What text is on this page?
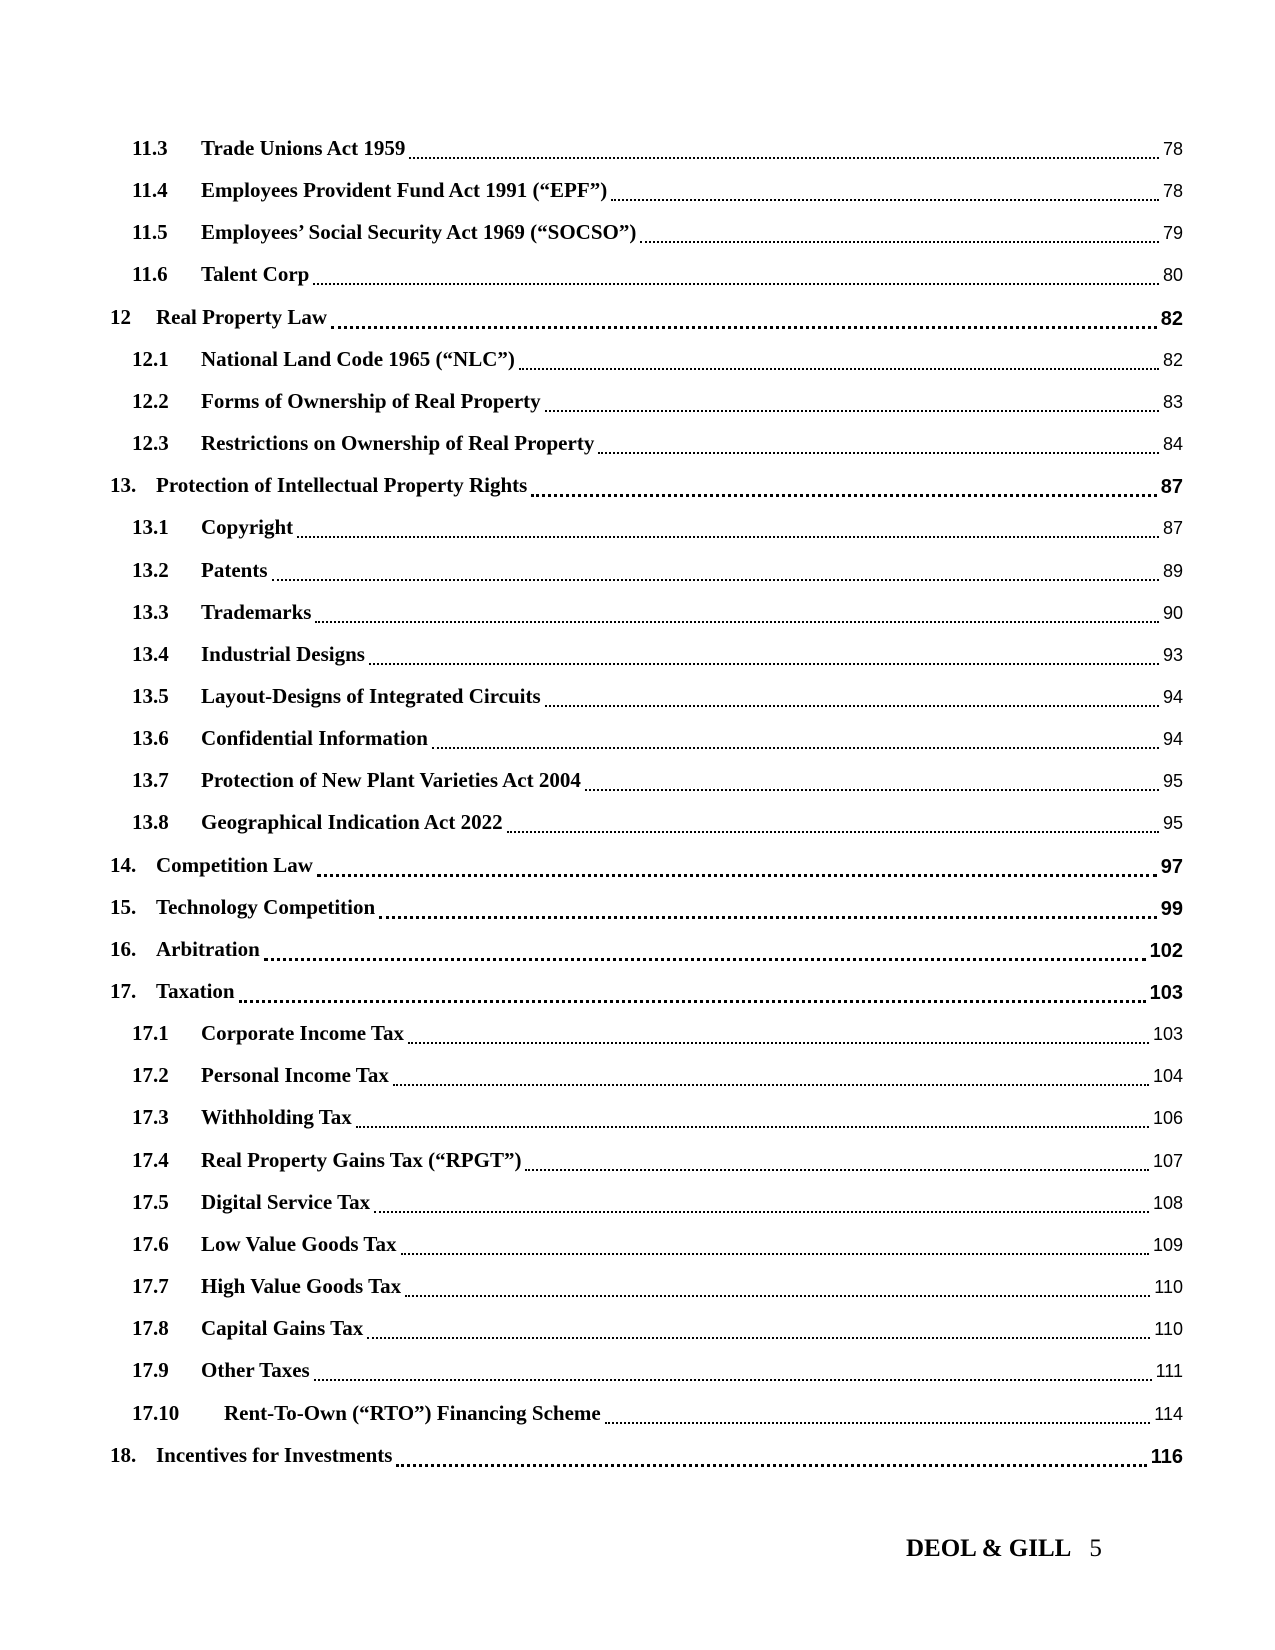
11.3 Trade Unions Act 1959	78
11.4 Employees Provident Fund Act 1991 (“EPF”)	78
11.5 Employees’ Social Security Act 1969 (“SOCSO”)	79
11.6 Talent Corp	80
12 Real Property Law	82
12.1 National Land Code 1965 (“NLC”)	82
12.2 Forms of Ownership of Real Property	83
12.3 Restrictions on Ownership of Real Property	84
13. Protection of Intellectual Property Rights	87
13.1 Copyright	87
13.2 Patents	89
13.3 Trademarks	90
13.4 Industrial Designs	93
13.5 Layout-Designs of Integrated Circuits	94
13.6 Confidential Information	94
13.7 Protection of New Plant Varieties Act 2004	95
13.8 Geographical Indication Act 2022	95
14. Competition Law	97
15. Technology Competition	99
16. Arbitration	102
17. Taxation	103
17.1 Corporate Income Tax	103
17.2 Personal Income Tax	104
17.3 Withholding Tax	106
17.4 Real Property Gains Tax (“RPGT”)	107
17.5 Digital Service Tax	108
17.6 Low Value Goods Tax	109
17.7 High Value Goods Tax	110
17.8 Capital Gains Tax	110
17.9 Other Taxes	111
17.10 Rent-To-Own (“RTO”) Financing Scheme	114
18. Incentives for Investments	116
DEOL & GILL 5
